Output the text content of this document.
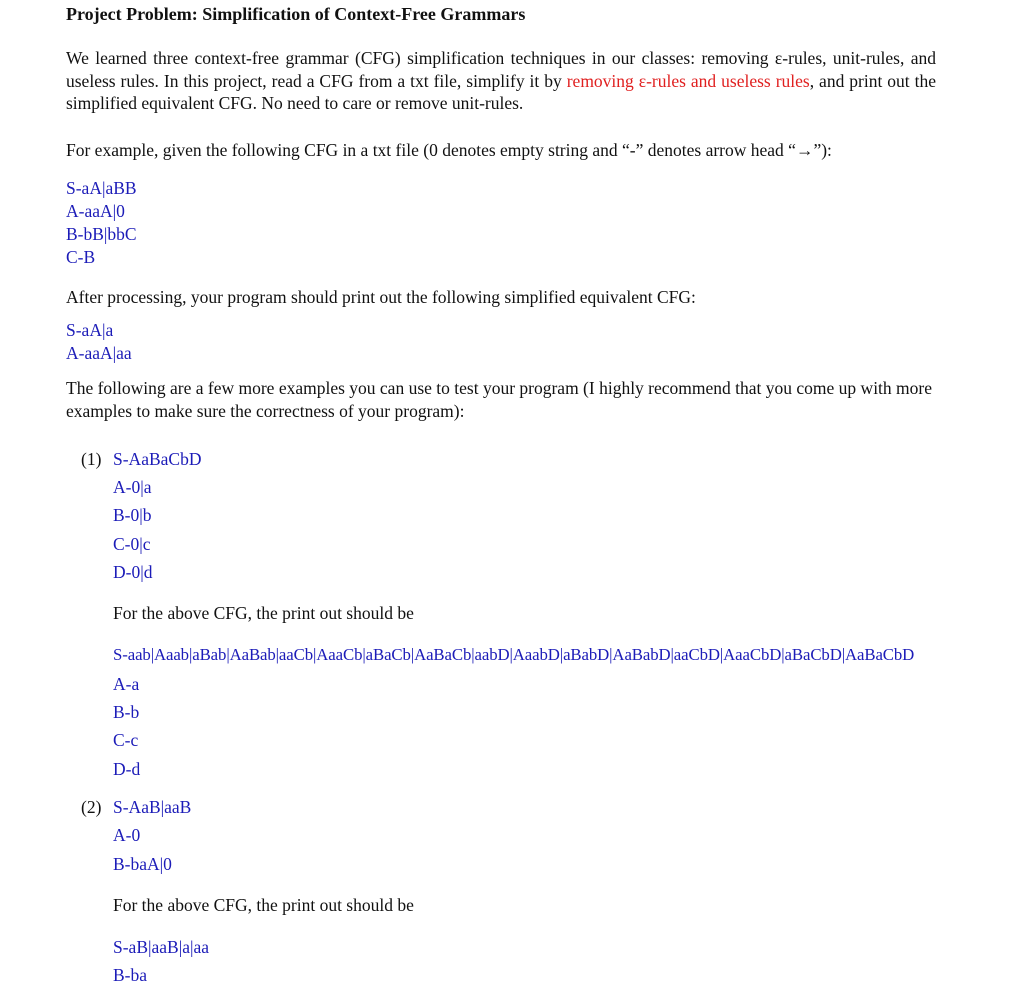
Project Problem: Simplification of Context-Free Grammars
We learned three context-free grammar (CFG) simplification techniques in our classes: removing ε-rules, unit-rules, and useless rules. In this project, read a CFG from a txt file, simplify it by removing ε-rules and useless rules, and print out the simplified equivalent CFG. No need to care or remove unit-rules.
For example, given the following CFG in a txt file (0 denotes empty string and “-” denotes arrow head “→”):
S-aA|aBB
A-aaA|0
B-bB|bbC
C-B
After processing, your program should print out the following simplified equivalent CFG:
S-aA|a
A-aaA|aa
The following are a few more examples you can use to test your program (I highly recommend that you come up with more examples to make sure the correctness of your program):
(1) S-AaBaCbD
A-0|a
B-0|b
C-0|c
D-0|d
For the above CFG, the print out should be
S-aab|Aaab|aBab|AaBab|aaCb|AaaCb|aBaCb|AaBaCb|aabD|AaabD|aBabD|AaBabD|aaCbD|AaaCbD|aBaCbD|AaBaCbD
A-a
B-b
C-c
D-d
(2) S-AaB|aaB
A-0
B-baA|0
For the above CFG, the print out should be
S-aB|aaB|a|aa
B-ba
